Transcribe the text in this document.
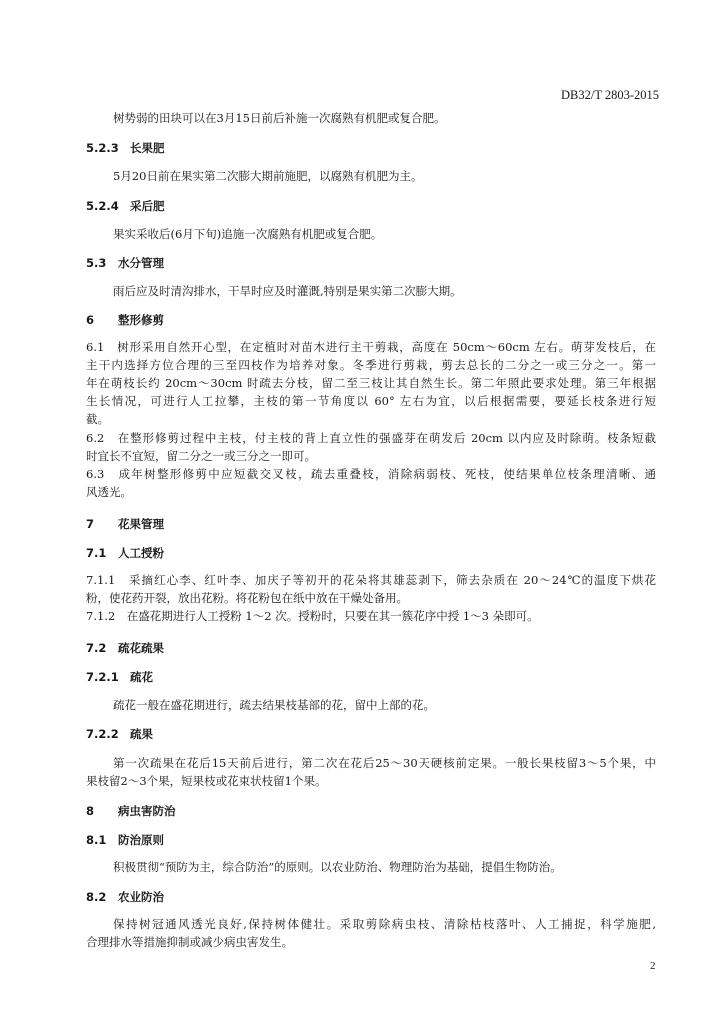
DB32/T 2803-2015
树势弱的田块可以在3月15日前后补施一次腐熟有机肥或复合肥。
5.2.3 长果肥
5月20日前在果实第二次膨大期前施肥，以腐熟有机肥为主。
5.2.4 采后肥
果实采收后(6月下旬)追施一次腐熟有机肥或复合肥。
5.3 水分管理
雨后应及时清沟排水，干旱时应及时灌溉,特别是果实第二次膨大期。
6 整形修剪
6.1　树形采用自然开心型，在定植时对苗木进行主干剪栽，高度在 50cm～60cm 左右。萌芽发枝后，在
主干内选择方位合理的三至四枝作为培养对象。冬季进行剪栽，剪去总长的二分之一或三分之一。第一
年在萌枝长约 20cm～30cm 时疏去分枝，留二至三枝让其自然生长。第二年照此要求处理。第三年根据
生长情况，可进行人工拉攀，主枝的第一节角度以 60° 左右为宜，以后根据需要，要延长枝条进行短
截。
6.2　在整形修剪过程中主枝，付主枝的背上直立性的强盛芽在萌发后 20cm 以内应及时除萌。枝条短截
时宜长不宜短，留二分之一或三分之一即可。
6.3　成年树整形修剪中应短截交叉枝，疏去重叠枝，消除病弱枝、死枝，使结果单位枝条理清晰、通
风透光。
7 花果管理
7.1 人工授粉
7.1.1　采摘红心李、红叶李、加庆子等初开的花朵将其雄蕊剥下，筛去杂质在 20～24℃的温度下烘花
粉，使花药开裂，放出花粉。将花粉包在纸中放在干燥处备用。
7.1.2　在盛花期进行人工授粉 1～2 次。授粉时，只要在其一簇花序中授 1～3 朵即可。
7.2 疏花疏果
7.2.1 疏花
疏花一般在盛花期进行，疏去结果枝基部的花，留中上部的花。
7.2.2 疏果
第一次疏果在花后15天前后进行，第二次在花后25～30天硬核前定果。一般长果枝留3～5个果，中
果枝留2～3个果，短果枝或花束状枝留1个果。
8 病虫害防治
8.1 防治原则
积极贯彻“预防为主，综合防治”的原则。以农业防治、物理防治为基础，提倡生物防治。
8.2 农业防治
保持树冠通风透光良好,保持树体健壮。采取剪除病虫枝、清除枯枝落叶、人工捕捉，科学施肥,
合理排水等措施抑制或减少病虫害发生。
2
